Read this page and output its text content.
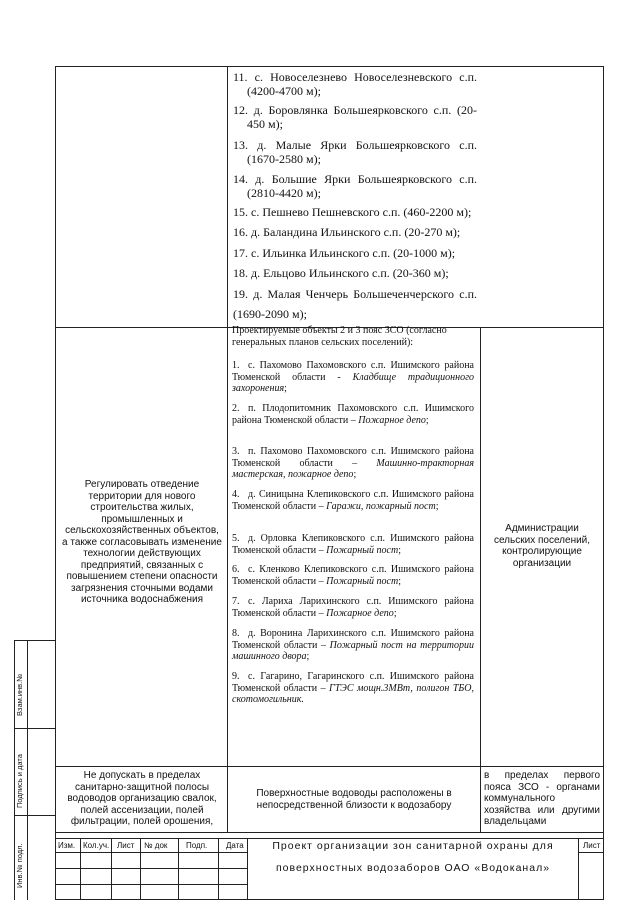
11. с. Новоселезнево Новоселезневского с.п.
(4200-4700 м);
12. д. Боровлянка Большеярковского с.п. (20-
450 м);
13. д. Малые Ярки Большеярковского с.п.
(1670-2580 м);
14. д. Большие Ярки Большеярковского с.п.
(2810-4420 м);
15. с. Пешнево Пешневского с.п. (460-2200 м);
16. д. Баландина Ильинского с.п. (20-270 м);
17. с. Ильинка Ильинского с.п. (20-1000 м);
18. д. Ельцово Ильинского с.п. (20-360 м);
19. д. Малая Ченчерь Большеченчерского с.п.
(1690-2090 м);
Регулировать отведение территории для нового строительства жилых, промышленных и сельскохозяйственных объектов, а также согласовывать изменение технологии действующих предприятий, связанных с повышением степени опасности загрязнения сточными водами источника водоснабжения
Администрации сельских поселений, контролирующие организации
Проектируемые объекты 2 и 3 пояс ЗСО (согласно генеральных планов сельских поселений):
1. с. Пахомово Пахомовского с.п. Ишимского района Тюменской области - Кладбище традиционного захоронения;
2. п. Плодопитомник Пахомовского с.п. Ишимского района Тюменской области – Пожарное депо;
3. п. Пахомово Пахомовского с.п. Ишимского района Тюменской области – Машинно-тракторная мастерская, пожарное депо;
4. д. Синицына Клепиковского с.п. Ишимского района Тюменской области – Гаражи, пожарный пост;
5. д. Орловка Клепиковского с.п. Ишимского района Тюменской области – Пожарный пост;
6. с. Кленково Клепиковского с.п. Ишимского района Тюменской области – Пожарный пост;
7. с. Лариха Ларихинского с.п. Ишимского района Тюменской области – Пожарное депо;
8. д. Воронина Ларихинского с.п. Ишимского района Тюменской области – Пожарный пост на территории машинного двора;
9. с. Гагарино, Гагаринского с.п. Ишимского района Тюменской области – ГТЭС мощн.3МВт, полигон ТБО, скотомогильник.
Не допускать в пределах санитарно-защитной полосы водоводов организацию свалок, полей ассенизации, полей фильтрации, полей орошения,
Поверхностные водоводы расположены в непосредственной близости к водозабору
в пределах первого пояса ЗСО - органами коммунального хозяйства или другими владельцами
Взам.инв.№
Подпись и дата
Инв.№ подл.	Изм. Кол.уч. Лист № док Подп. Дата	Лист
Проект организации зон санитарной охраны для
поверхностных водозаборов ОАО «Водоканал»
